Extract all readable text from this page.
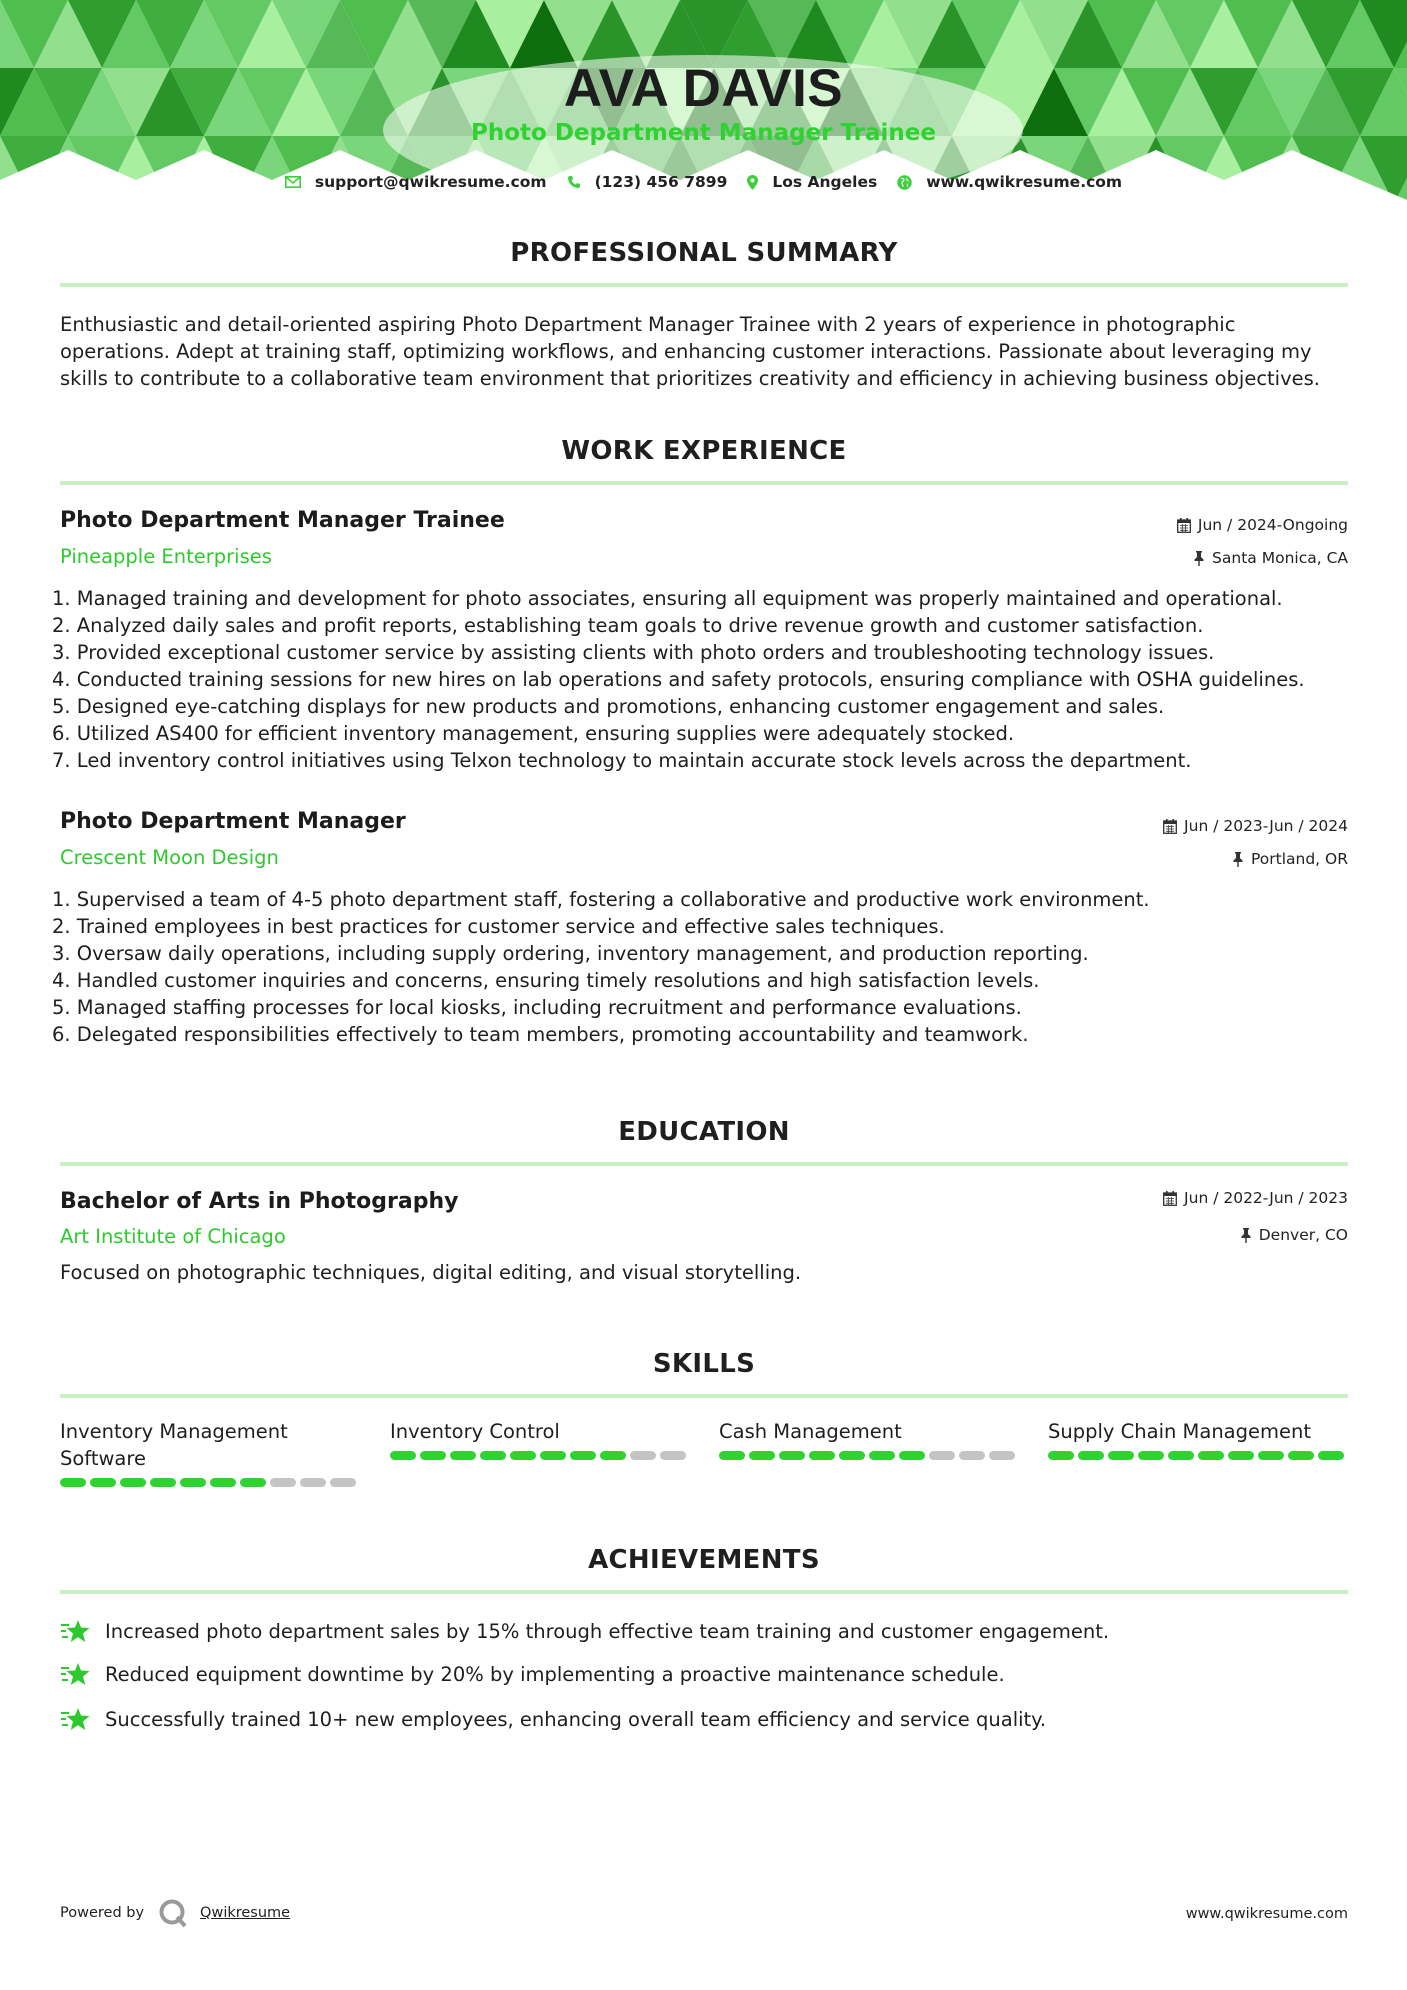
AVA DAVIS
Photo Department Manager Trainee
support@qwikresume.com	(123) 456 7899	Los Angeles	www.qwikresume.com
PROFESSIONAL SUMMARY
Enthusiastic and detail-oriented aspiring Photo Department Manager Trainee with 2 years of experience in photographic operations. Adept at training staff, optimizing workflows, and enhancing customer interactions. Passionate about leveraging my skills to contribute to a collaborative team environment that prioritizes creativity and efficiency in achieving business objectives.
WORK EXPERIENCE
Photo Department Manager Trainee	Jun / 2024-Ongoing
Pineapple Enterprises	Santa Monica, CA
1. Managed training and development for photo associates, ensuring all equipment was properly maintained and operational.
2. Analyzed daily sales and profit reports, establishing team goals to drive revenue growth and customer satisfaction.
3. Provided exceptional customer service by assisting clients with photo orders and troubleshooting technology issues.
4. Conducted training sessions for new hires on lab operations and safety protocols, ensuring compliance with OSHA guidelines.
5. Designed eye-catching displays for new products and promotions, enhancing customer engagement and sales.
6. Utilized AS400 for efficient inventory management, ensuring supplies were adequately stocked.
7. Led inventory control initiatives using Telxon technology to maintain accurate stock levels across the department.
Photo Department Manager	Jun / 2023-Jun / 2024
Crescent Moon Design	Portland, OR
1. Supervised a team of 4-5 photo department staff, fostering a collaborative and productive work environment.
2. Trained employees in best practices for customer service and effective sales techniques.
3. Oversaw daily operations, including supply ordering, inventory management, and production reporting.
4. Handled customer inquiries and concerns, ensuring timely resolutions and high satisfaction levels.
5. Managed staffing processes for local kiosks, including recruitment and performance evaluations.
6. Delegated responsibilities effectively to team members, promoting accountability and teamwork.
EDUCATION
Bachelor of Arts in Photography	Jun / 2022-Jun / 2023
Art Institute of Chicago	Denver, CO
Focused on photographic techniques, digital editing, and visual storytelling.
SKILLS
Inventory Management
Software
Inventory Control	Cash Management	Supply Chain Management
ACHIEVEMENTS
Increased photo department sales by 15% through effective team training and customer engagement.
Reduced equipment downtime by 20% by implementing a proactive maintenance schedule.
Successfully trained 10+ new employees, enhancing overall team efficiency and service quality.
Powered by	Qwikresume	www.qwikresume.com
